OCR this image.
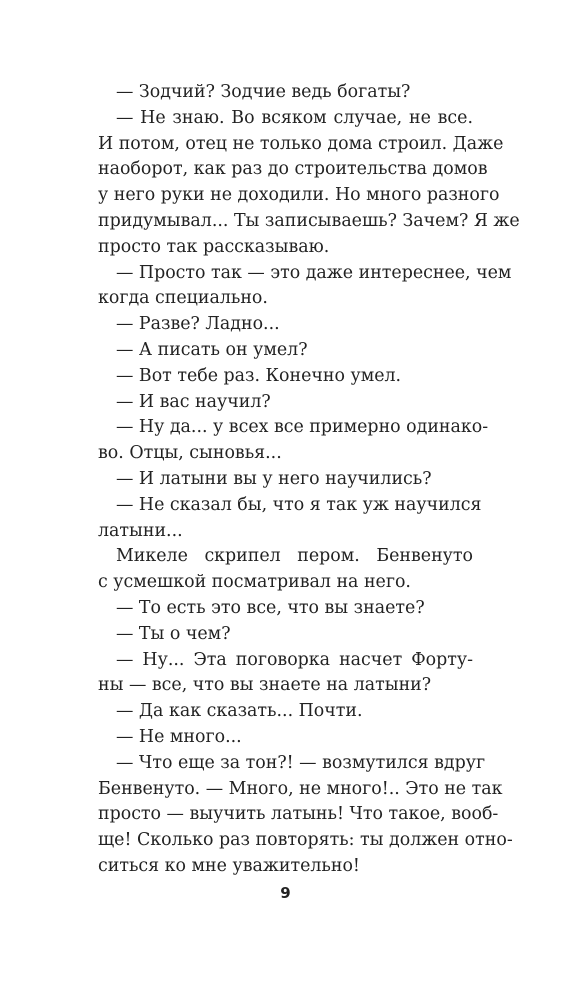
— Зодчий? Зодчие ведь богаты?
— Не знаю. Во всяком случае, не все.
И потом, отец не только дома строил. Даже
наоборот, как раз до строительства домов
у него руки не доходили. Но много разного
придумывал... Ты записываешь? Зачем? Я же
просто так рассказываю.
— Просто так — это даже интереснее, чем
когда специально.
— Разве? Ладно...
— А писать он умел?
— Вот тебе раз. Конечно умел.
— И вас научил?
— Ну да... у всех все примерно одинако-
во. Отцы, сыновья...
— И латыни вы у него научились?
— Не сказал бы, что я так уж научился
латыни...
Микеле скрипел пером. Бенвенуто
с усмешкой посматривал на него.
— То есть это все, что вы знаете?
— Ты о чем?
— Ну... Эта поговорка насчет Форту-
ны — все, что вы знаете на латыни?
— Да как сказать... Почти.
— Не много...
— Что еще за тон?! — возмутился вдруг
Бенвенуто. — Много, не много!.. Это не так
просто — выучить латынь! Что такое, вооб-
ще! Сколько раз повторять: ты должен отно-
ситься ко мне уважительно!
9
